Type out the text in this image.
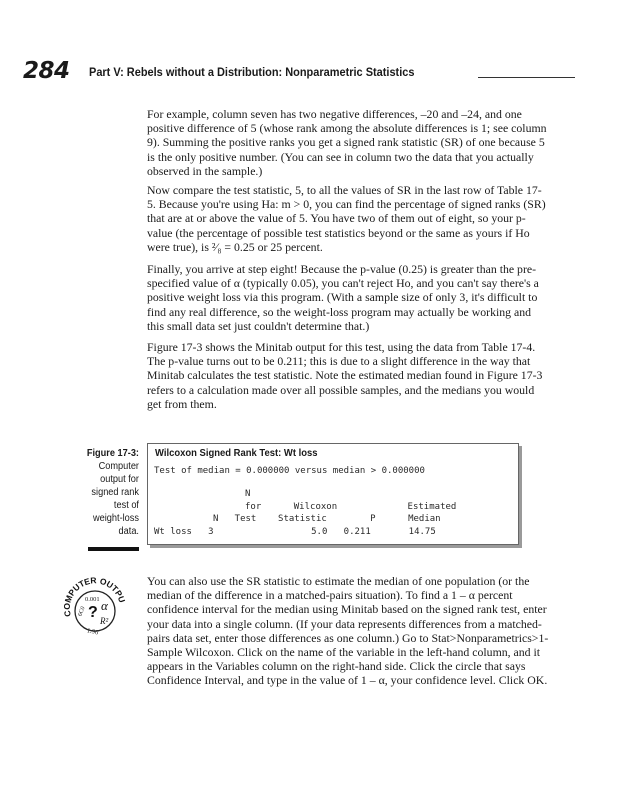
284 Part V: Rebels without a Distribution: Nonparametric Statistics

For example, column seven has two negative differences, –20 and –24, and one positive difference of 5 (whose rank among the absolute differences is 1; see column 9). Summing the positive ranks you get a signed rank statistic (SR) of one because 5 is the only positive number. (You can see in column two the data that you actually observed in the sample.)

Now compare the test statistic, 5, to all the values of SR in the last row of Table 17-5. Because you're using Ha: m > 0, you can find the percentage of signed ranks (SR) that are at or above the value of 5. You have two of them out of eight, so your p-value (the percentage of possible test statistics beyond or the same as yours if Ho were true), is ²⁄₈ = 0.25 or 25 percent.

Finally, you arrive at step eight! Because the p-value (0.25) is greater than the pre-specified value of α (typically 0.05), you can't reject Ho, and you can't say there's a positive weight loss via this program. (With a sample size of only 3, it's difficult to find any real difference, so the weight-loss program may actually be working and this small data set just couldn't determine that.)

Figure 17-3 shows the Minitab output for this test, using the data from Table 17-4. The p-value turns out to be 0.211; this is due to a slight difference in the way that Minitab calculates the test statistic. Note the estimated median found in Figure 17-3 refers to a calculation made over all possible samples, and the medians you would get from them.

Figure 17-3:
Computer output for signed rank test of weight-loss data.
Wilcoxon Signed Rank Test: Wt loss
Test of median = 0.000000 versus median > 0.000000
N
for      Wilcoxon             Estimated
N   Test    Statistic        P      Median
Wt loss   3                  5.0   0.211       14.75
COMPUTER OUTPU
0.001
? α
R²
6C0
1.96

You can also use the SR statistic to estimate the median of one population (or the median of the difference in a matched-pairs situation). To find a 1 – α percent confidence interval for the median using Minitab based on the signed rank test, enter your data into a single column. (If your data represents differences from a matched-pairs data set, enter those differences as one column.) Go to Stat>Nonparametrics>1-Sample Wilcoxon. Click on the name of the variable in the left-hand column, and it appears in the Variables column on the right-hand side. Click the circle that says Confidence Interval, and type in the value of 1 – α, your confidence level. Click OK.
